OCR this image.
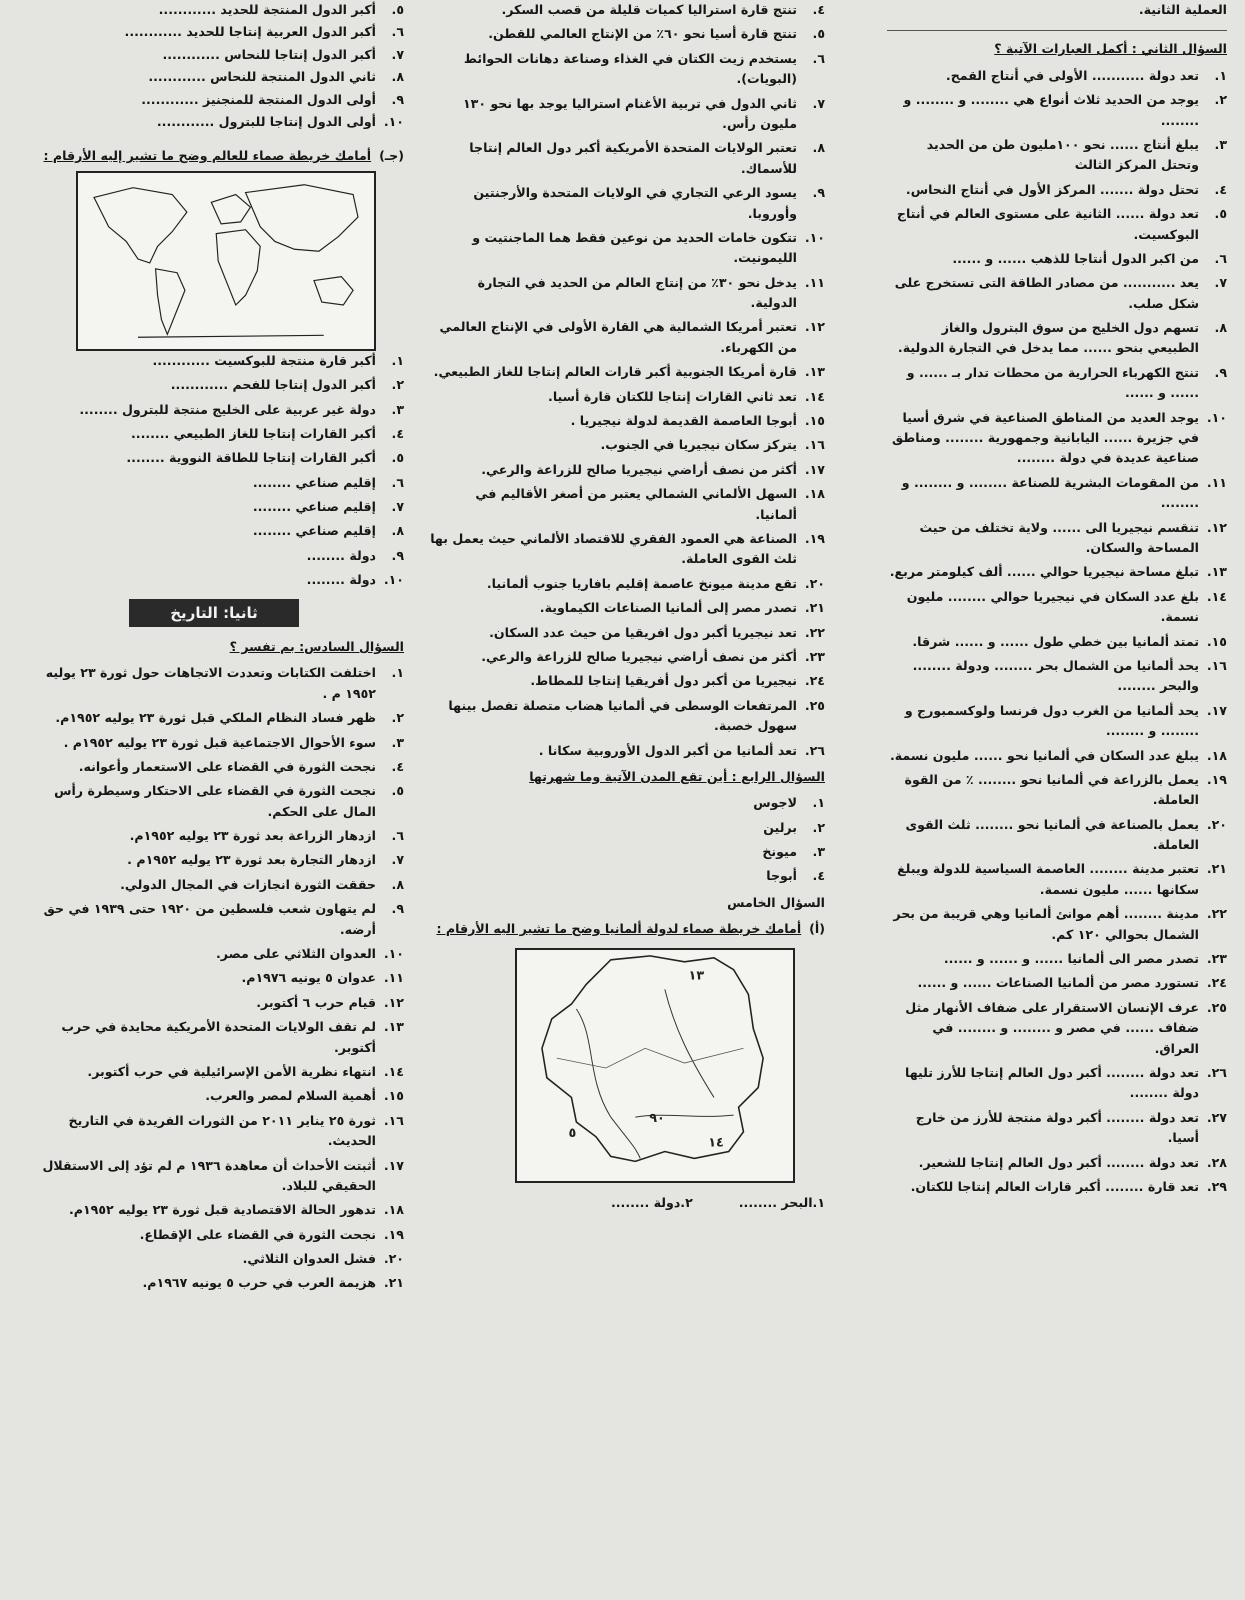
العملية الثانية.
السؤال الثاني : أكمل العبارات الآتية ؟
١.
تعد دولة ........... الأولى في أنتاج القمح.
٢.
يوجد من الحديد ثلاث أنواع هي ........ و ........ و ........
٣.
يبلغ أنتاج ...... نحو ١٠٠مليون طن من الحديد وتحتل المركز الثالث
٤.
تحتل دولة ....... المركز الأول في أنتاج النحاس.
٥.
تعد دولة ...... الثانية على مستوى العالم في أنتاج البوكسيت.
٦.
من اكبر الدول أنتاجا للذهب ...... و ......
٧.
يعد ........... من مصادر الطاقة التى تستخرج على شكل صلب.
٨.
تسهم دول الخليج من سوق البترول والغاز الطبيعي بنحو ...... مما يدخل في التجارة الدولية.
٩.
تنتج الكهرباء الحرارية من محطات تدار بـ ...... و ...... و ......
١٠.
يوجد العديد من المناطق الصناعية في شرق أسيا في جزيرة ...... اليابانية وجمهورية ........ ومناطق صناعية عديدة في دولة ........
١١.
من المقومات البشرية للصناعة ........ و ........ و ........
١٢.
تنقسم نيجيريا الى ...... ولاية تختلف من حيث المساحة والسكان.
١٣.
تبلغ مساحة نيجيريا حوالي ...... ألف كيلومتر مربع.
١٤.
بلغ عدد السكان في نيجيريا حوالي ........ مليون نسمة.
١٥.
تمتد ألمانيا بين خطي طول ...... و ...... شرقا.
١٦.
يحد ألمانيا من الشمال بحر ........ ودولة ........ والبحر ........
١٧.
يحد ألمانيا من الغرب دول فرنسا ولوكسمبورج و ........ و ........
١٨.
يبلغ عدد السكان في ألمانيا نحو ...... مليون نسمة.
١٩.
يعمل بالزراعة في ألمانيا نحو ........ ٪ من القوة العاملة.
٢٠.
يعمل بالصناعة في ألمانيا نحو ........ ثلث القوى العاملة.
٢١.
تعتبر مدينة ........ العاصمة السياسية للدولة ويبلغ سكانها ...... مليون نسمة.
٢٢.
مدينة ........ أهم موانئ ألمانيا وهي قريبة من بحر الشمال بحوالي ١٢٠ كم.
٢٣.
تصدر مصر الى ألمانيا ...... و ...... و ......
٢٤.
تستورد مصر من ألمانيا الصناعات ...... و ......
٢٥.
عرف الإنسان الاستقرار على ضفاف الأنهار مثل ضفاف ...... في مصر و ........ و ........ في العراق.
٢٦.
تعد دولة ........ أكبر دول العالم إنتاجا للأرز تليها دولة ........
٢٧.
تعد دولة ........ أكبر دولة منتجة للأرز من خارج أسيا.
٢٨.
تعد دولة ........ أكبر دول العالم إنتاجا للشعير.
٢٩.
تعد قارة ........ أكبر قارات العالم إنتاجا للكتان.
٤.
تنتج قارة استراليا كميات قليلة من قصب السكر.
٥.
تنتج قارة أسيا نحو ٦٠٪ من الإنتاج العالمي للقطن.
٦.
يستخدم زيت الكتان في الغذاء وصناعة دهانات الحوائط (البويات).
٧.
ثاني الدول في تربية الأغنام استراليا يوجد بها نحو ١٣٠ مليون رأس.
٨.
تعتبر الولايات المتحدة الأمريكية أكبر دول العالم إنتاجا للأسماك.
٩.
يسود الرعي التجاري في الولايات المتحدة والأرجنتين وأوروبا.
١٠.
تتكون خامات الحديد من نوعين فقط هما الماجنتيت و الليمونيت.
١١.
يدخل نحو ٣٠٪ من إنتاج العالم من الحديد في التجارة الدولية.
١٢.
تعتبر أمريكا الشمالية هي القارة الأولى في الإنتاج العالمي من الكهرباء.
١٣.
قارة أمريكا الجنوبية أكبر قارات العالم إنتاجا للغاز الطبيعي.
١٤.
تعد ثاني القارات إنتاجا للكتان قارة أسيا.
١٥.
أبوجا العاصمة القديمة لدولة نيجيريا .
١٦.
يتركز سكان نيجيريا في الجنوب.
١٧.
أكثر من نصف أراضي نيجيريا صالح للزراعة والرعي.
١٨.
السهل الألماني الشمالي يعتبر من أصغر الأقاليم في ألمانيا.
١٩.
الصناعة هي العمود الفقري للاقتصاد الألماني حيث يعمل بها ثلث القوى العاملة.
٢٠.
تقع مدينة ميونخ عاصمة إقليم بافاريا جنوب ألمانيا.
٢١.
تصدر مصر إلى ألمانيا الصناعات الكيماوية.
٢٢.
تعد نيجيريا أكبر دول افريقيا من حيث عدد السكان.
٢٣.
أكثر من نصف أراضي نيجيريا صالح للزراعة والرعي.
٢٤.
نيجيريا من أكبر دول أفريقيا إنتاجا للمطاط.
٢٥.
المرتفعات الوسطى في ألمانيا هضاب متصلة تفصل بينها سهول خصبة.
٢٦.
تعد ألمانيا من أكبر الدول الأوروبية سكانا .
السؤال الرابع : أين تقع المدن الآتية وما شهرتها
١.
لاجوس
٢.
برلين
٣.
ميونخ
٤.
أبوجا
السؤال الخامس
(أ)
أمامك خريطة صماء لدولة ألمانيا وضح ما تشير اليه الأرقام :
١٣
٥
٩٠
١٤
١.البحر ........
٢.دولة ........
٥.
أكبر الدول المنتجة للحديد ............
٦.
أكبر الدول العربية إنتاجا للحديد ............
٧.
أكبر الدول إنتاجا للنحاس ............
٨.
ثاني الدول المنتجة للنحاس ............
٩.
أولى الدول المنتجة للمنجنيز ............
١٠.
أولى الدول إنتاجا للبترول ............
(جـ)
أمامك خريطة صماء للعالم وضح ما تشير إليه الأرقام :
١.
أكبر قارة منتجة للبوكسيت ............
٢.
أكبر الدول إنتاجا للفحم ............
٣.
دولة غير عربية على الخليج منتجة للبترول ........
٤.
أكبر القارات إنتاجا للغاز الطبيعي ........
٥.
أكبر القارات إنتاجا للطاقة النووية ........
٦.
إقليم صناعي ........
٧.
إقليم صناعي ........
٨.
إقليم صناعي ........
٩.
دولة ........
١٠.
دولة ........
ثانيا: التاريخ
السؤال السادس: بم تفسر ؟
١.
اختلفت الكتابات وتعددت الاتجاهات حول ثورة ٢٣ يوليه ١٩٥٢ م .
٢.
ظهر فساد النظام الملكي قبل ثورة ٢٣ يوليه ١٩٥٢م.
٣.
سوء الأحوال الاجتماعية قبل ثورة ٢٣ يوليه ١٩٥٢م .
٤.
نجحت الثورة في القضاء على الاستعمار وأعوانه.
٥.
نجحت الثورة في القضاء على الاحتكار وسيطرة رأس المال على الحكم.
٦.
ازدهار الزراعة بعد ثورة ٢٣ يوليه ١٩٥٢م.
٧.
ازدهار التجارة بعد ثورة ٢٣ يوليه ١٩٥٢م .
٨.
حققت الثورة انجازات في المجال الدولي.
٩.
لم يتهاون شعب فلسطين من ١٩٢٠ حتى ١٩٣٩ في حق أرضه.
١٠.
العدوان الثلاثي على مصر.
١١.
عدوان ٥ يونيه ١٩٧٦م.
١٢.
قيام حرب ٦ أكتوبر.
١٣.
لم تقف الولايات المتحدة الأمريكية محايدة في حرب أكتوبر.
١٤.
انتهاء نظرية الأمن الإسرائيلية في حرب أكتوبر.
١٥.
أهمية السلام لمصر والعرب.
١٦.
ثورة ٢٥ يناير ٢٠١١ من الثورات الفريدة في التاريخ الحديث.
١٧.
أثبتت الأحداث أن معاهدة ١٩٣٦ م لم تؤد إلى الاستقلال الحقيقي للبلاد.
١٨.
تدهور الحالة الاقتصادية قبل ثورة ٢٣ يوليه ١٩٥٢م.
١٩.
نجحت الثورة في القضاء على الإقطاع.
٢٠.
فشل العدوان الثلاثي.
٢١.
هزيمة العرب في حرب ٥ يونيه ١٩٦٧م.
